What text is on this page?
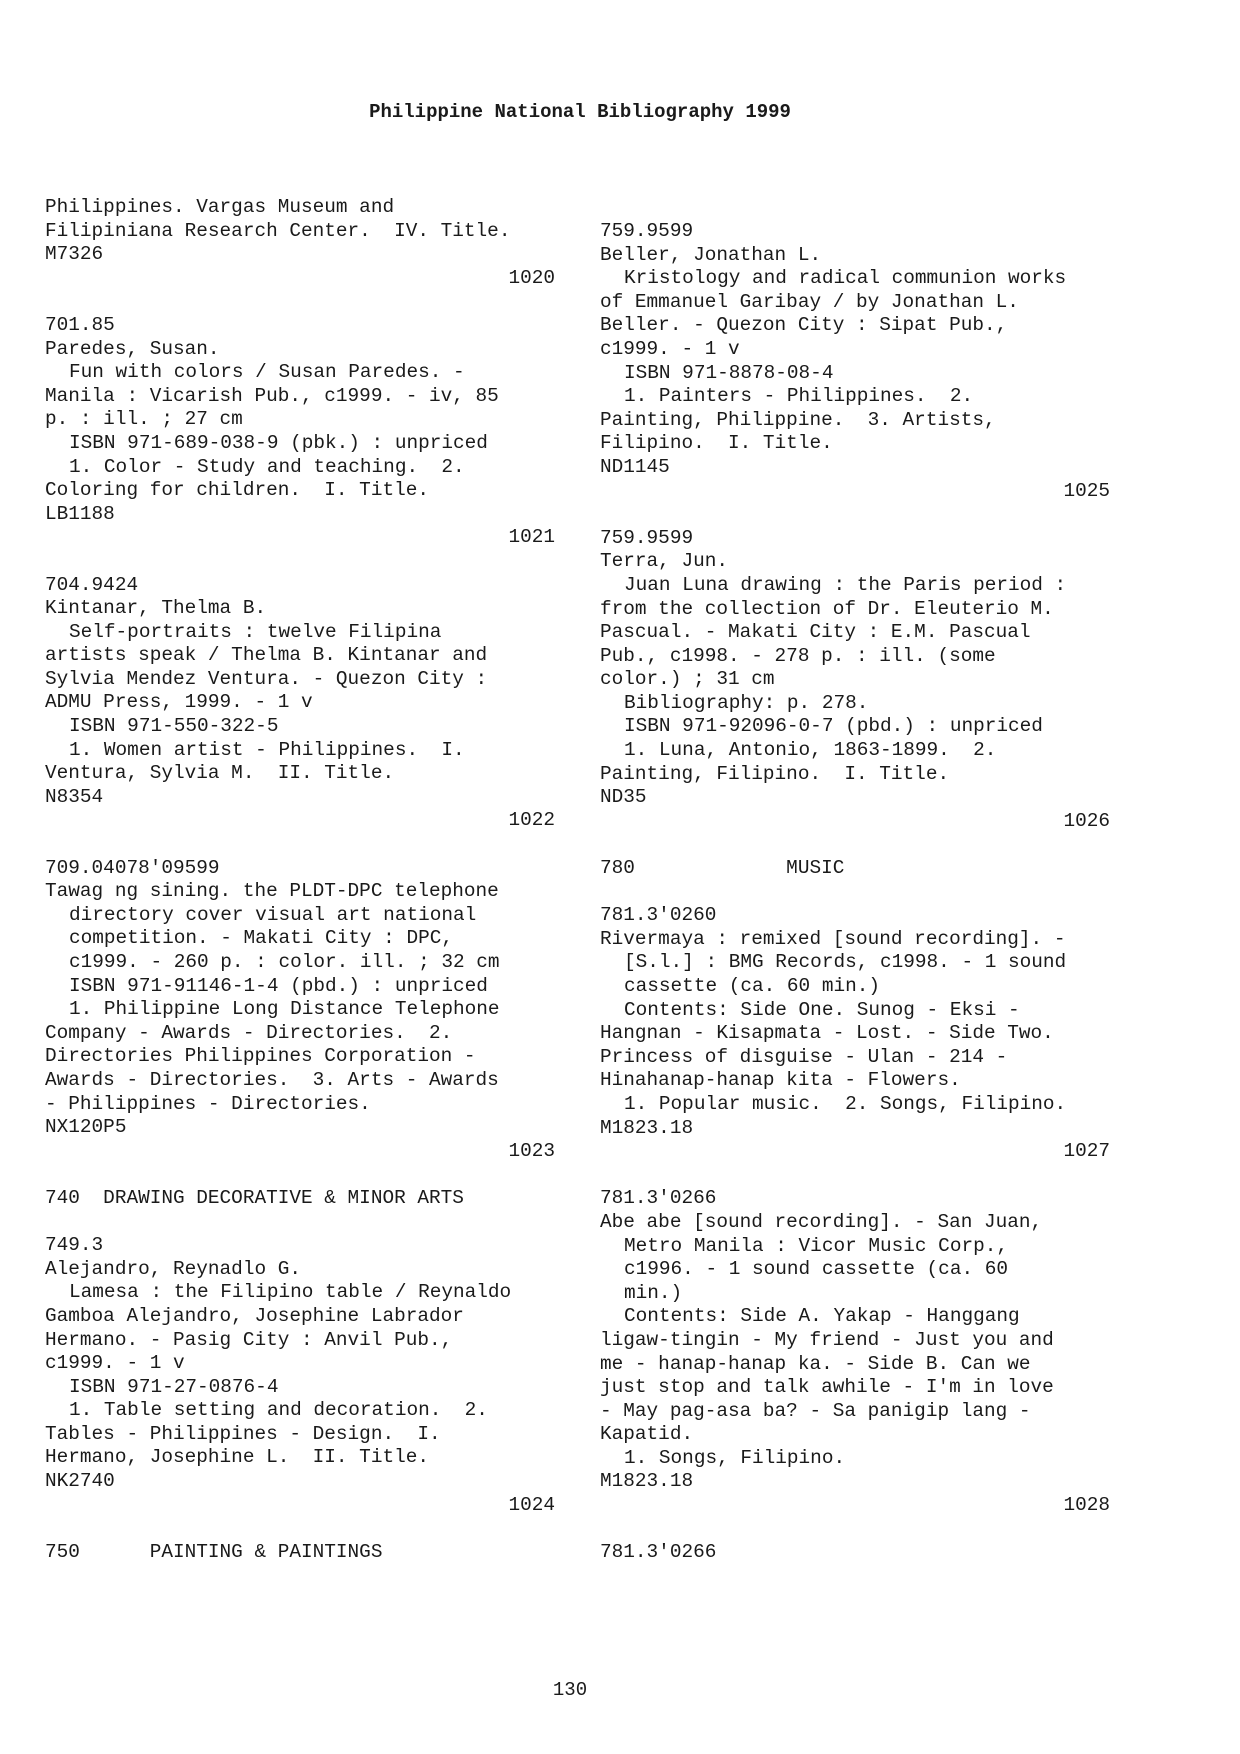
Philippine National Bibliography 1999
Philippines. Vargas Museum and
Filipiniana Research Center.  IV. Title.
M7326
1020
701.85
Paredes, Susan.
Fun with colors / Susan Paredes. -
Manila : Vicarish Pub., c1999. - iv, 85
p. : ill. ; 27 cm
ISBN 971-689-038-9 (pbk.) : unpriced
1. Color - Study and teaching.  2.
Coloring for children.  I. Title.
LB1188
1021
704.9424
Kintanar, Thelma B.
Self-portraits : twelve Filipina
artists speak / Thelma B. Kintanar and
Sylvia Mendez Ventura. - Quezon City :
ADMU Press, 1999. - 1 v
ISBN 971-550-322-5
1. Women artist - Philippines.  I.
Ventura, Sylvia M.  II. Title.
N8354
1022
709.04078'09599
Tawag ng sining. the PLDT-DPC telephone
directory cover visual art national
competition. - Makati City : DPC,
c1999. - 260 p. : color. ill. ; 32 cm
ISBN 971-91146-1-4 (pbd.) : unpriced
1. Philippine Long Distance Telephone
Company - Awards - Directories.  2.
Directories Philippines Corporation -
Awards - Directories.  3. Arts - Awards
- Philippines - Directories.
NX120P5
1023
740  DRAWING DECORATIVE & MINOR ARTS
749.3
Alejandro, Reynadlo G.
Lamesa : the Filipino table / Reynaldo
Gamboa Alejandro, Josephine Labrador
Hermano. - Pasig City : Anvil Pub.,
c1999. - 1 v
ISBN 971-27-0876-4
1. Table setting and decoration.  2.
Tables - Philippines - Design.  I.
Hermano, Josephine L.  II. Title.
NK2740
1024
750      PAINTING & PAINTINGS
759.9599
Beller, Jonathan L.
Kristology and radical communion works
of Emmanuel Garibay / by Jonathan L.
Beller. - Quezon City : Sipat Pub.,
c1999. - 1 v
ISBN 971-8878-08-4
1. Painters - Philippines.  2.
Painting, Philippine.  3. Artists,
Filipino.  I. Title.
ND1145
1025
759.9599
Terra, Jun.
Juan Luna drawing : the Paris period :
from the collection of Dr. Eleuterio M.
Pascual. - Makati City : E.M. Pascual
Pub., c1998. - 278 p. : ill. (some
color.) ; 31 cm
Bibliography: p. 278.
ISBN 971-92096-0-7 (pbd.) : unpriced
1. Luna, Antonio, 1863-1899.  2.
Painting, Filipino.  I. Title.
ND35
1026
780             MUSIC
781.3'0260
Rivermaya : remixed [sound recording]. -
[S.l.] : BMG Records, c1998. - 1 sound
cassette (ca. 60 min.)
Contents: Side One. Sunog - Eksi -
Hangnan - Kisapmata - Lost. - Side Two.
Princess of disguise - Ulan - 214 -
Hinahanap-hanap kita - Flowers.
1. Popular music.  2. Songs, Filipino.
M1823.18
1027
781.3'0266
Abe abe [sound recording]. - San Juan,
Metro Manila : Vicor Music Corp.,
c1996. - 1 sound cassette (ca. 60
min.)
Contents: Side A. Yakap - Hanggang
ligaw-tingin - My friend - Just you and
me - hanap-hanap ka. - Side B. Can we
just stop and talk awhile - I'm in love
- May pag-asa ba? - Sa panigip lang -
Kapatid.
1. Songs, Filipino.
M1823.18
1028
781.3'0266
130
